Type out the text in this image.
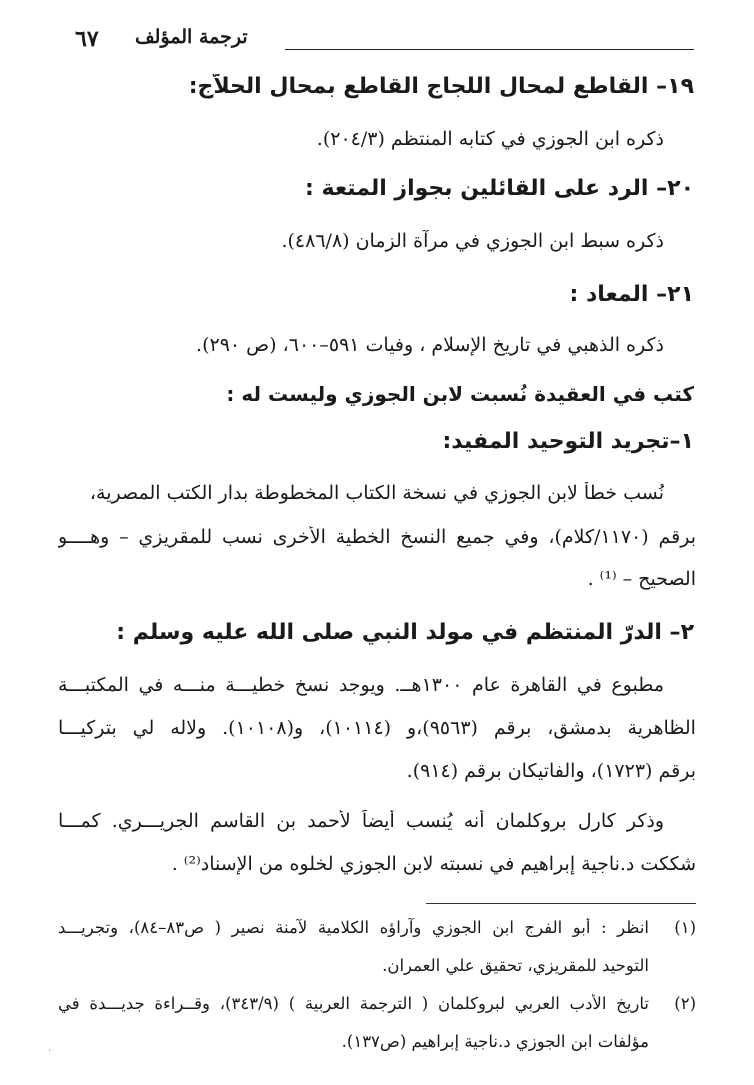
٦٧ ترجمة المؤلف
١٩– القاطع لمحال اللجاج القاطع بمحال الحلاّج:
ذكره ابن الجوزي في كتابه المنتظم (٢٠٤/٣).
٢٠– الرد على القائلين بجواز المتعة :
ذكره سبط ابن الجوزي في مرآة الزمان (٤٨٦/٨).
٢١– المعاد :
ذكره الذهبي في تاريخ الإسلام ، وفيات ٥٩١–٦٠٠، (ص ٢٩٠).
كتب في العقيدة نُسبت لابن الجوزي وليست له :
١–تجريد التوحيد المفيد:
نُسب خطأً لابن الجوزي في نسخة الكتاب المخطوطة بدار الكتب المصرية،
برقم (١١٧٠/كلام)، وفي جميع النسخ الخطية الأخرى نسب للمقريزي – وهــــو
الصحيح – ⁽¹⁾ .
٢– الدرّ المنتظم في مولد النبي صلى الله عليه وسلم :
مطبوع في القاهرة عام ١٣٠٠هــ. ويوجد نسخ خطيـــة منـــه في المكتبـــة
الظاهرية بدمشق، برقم (٩٥٦٣)،و (١٠١١٤)، و(١٠١٠٨). ولاله لي بتركيـــا
برقم (١٧٢٣)، والفاتيكان برقم (٩١٤).
وذكر كارل بروكلمان أنه يُنسب أيضاً لأحمد بن القاسم الجريـــري. كمـــا
شككت د.ناجية إبراهيم في نسبته لابن الجوزي لخلوه من الإسناد⁽²⁾ .
(١)
انظر : أبو الفرج ابن الجوزي وآراؤه الكلامية لآمنة نصير ( ص٨٣–٨٤)، وتجريـــد
التوحيد للمقريزي، تحقيق علي العمران.
(٢)
تاريخ الأدب العربي لبروكلمان ( الترجمة العربية ) (٣٤٣/٩)، وقــراءة جديـــدة في
مؤلفات ابن الجوزي د.ناجية إبراهيم (ص١٣٧).
·
